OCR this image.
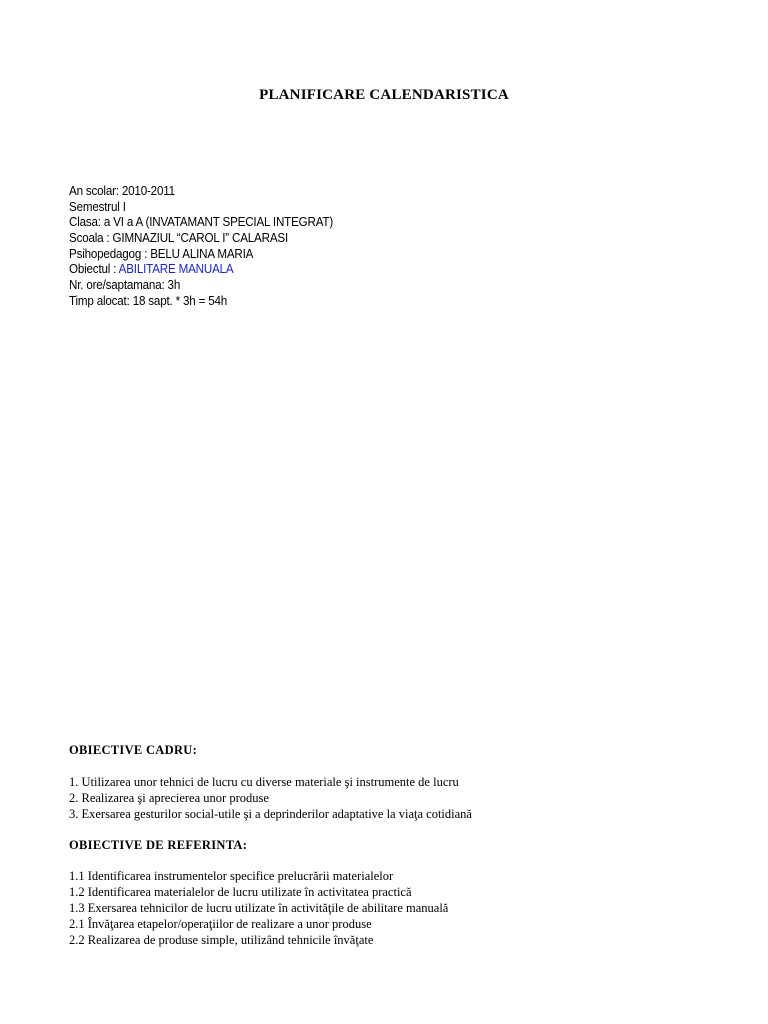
PLANIFICARE CALENDARISTICA
An scolar: 2010-2011
Semestrul I
Clasa: a VI a A (INVATAMANT SPECIAL INTEGRAT)
Scoala : GIMNAZIUL “CAROL I” CALARASI
Psihopedagog : BELU ALINA MARIA
Obiectul : ABILITARE MANUALA
Nr. ore/saptamana: 3h
Timp alocat: 18 sapt. * 3h = 54h
OBIECTIVE CADRU:
1. Utilizarea unor tehnici de lucru cu diverse materiale şi instrumente de lucru
2. Realizarea şi aprecierea unor produse
3. Exersarea gesturilor social-utile şi a deprinderilor adaptative la viaţa cotidiană
OBIECTIVE DE REFERINTA:
1.1 Identificarea instrumentelor specifice prelucrării materialelor
1.2 Identificarea materialelor de lucru utilizate în activitatea practică
1.3 Exersarea tehnicilor de lucru utilizate în activităţile de abilitare manuală
2.1 Învăţarea etapelor/operaţiilor de realizare a unor produse
2.2 Realizarea de produse simple, utilizând tehnicile învăţate
